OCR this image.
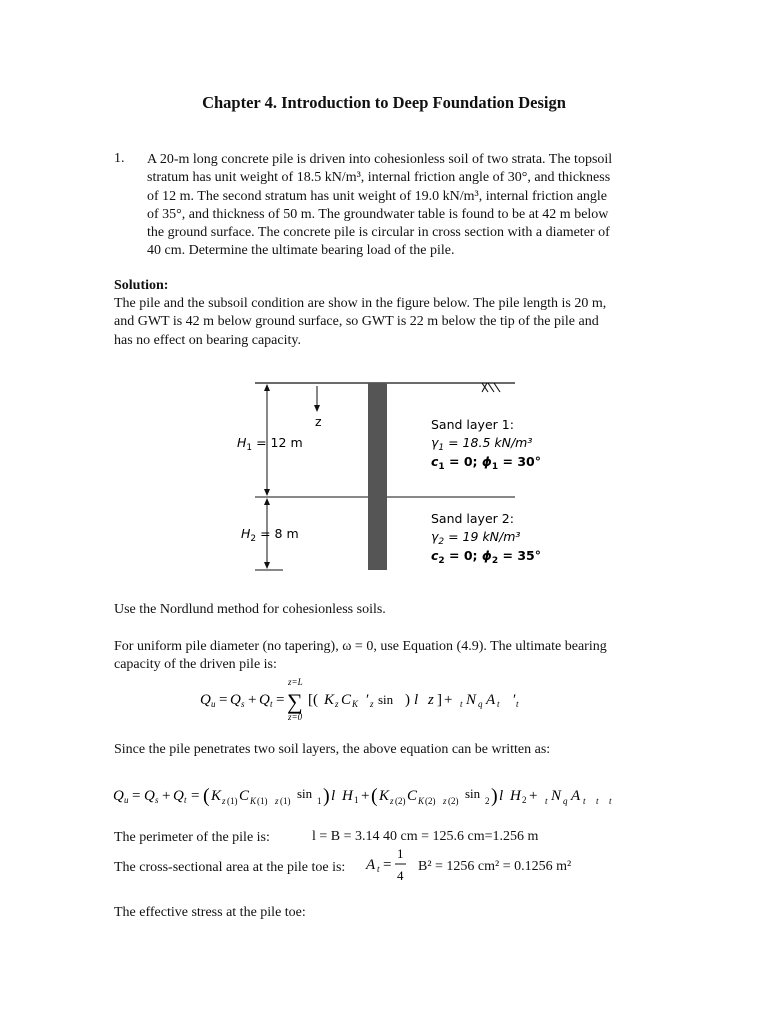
Chapter 4. Introduction to Deep Foundation Design
1. A 20-m long concrete pile is driven into cohesionless soil of two strata. The topsoil
stratum has unit weight of 18.5 kN/m³, internal friction angle of 30°, and thickness
of 12 m. The second stratum has unit weight of 19.0 kN/m³, internal friction angle
of 35°, and thickness of 50 m. The groundwater table is found to be at 42 m below
the ground surface. The concrete pile is circular in cross section with a diameter of
40 cm. Determine the ultimate bearing load of the pile.
Solution:
The pile and the subsoil condition are show in the figure below. The pile length is 20 m,
and GWT is 42 m below ground surface, so GWT is 22 m below the tip of the pile and
has no effect on bearing capacity.
z
$H_1 = 12$ m
$H_2 = 8$ m
Sand layer 1:
$\gamma_1 = 18.5$ kN/m³
$c_1 = 0$; $\phi_1 = 30^\circ$
Sand layer 2:
$\gamma_2 = 19$ kN/m³
$c_2 = 0$; $\phi_2 = 35^\circ$
Use the Nordlund method for cohesionless soils.
For uniform pile diameter (no tapering), ω = 0, use Equation (4.9). The ultimate bearing
capacity of the driven pile is:
Q u = Q s + Q t =
z=L
∑
z=0
[( K z C K ′ z sin ) l z ] + t N q A t ′ t
Since the pile penetrates two soil layers, the above equation can be written as:
Q u = Q s + Q t = ( K z (1) C K (1) z (1) sin 1 ) l H 1 + ( K z (2) C K (2) z (2) sin 2 ) l H 2 + t N q A t t t
The perimeter of the pile is:	l = B = 3.14 40 cm = 125.6 cm=1.256 m
The cross-sectional area at the pile toe is:	A t =
1
4
B² = 1256 cm² = 0.1256 m²
The effective stress at the pile toe:
